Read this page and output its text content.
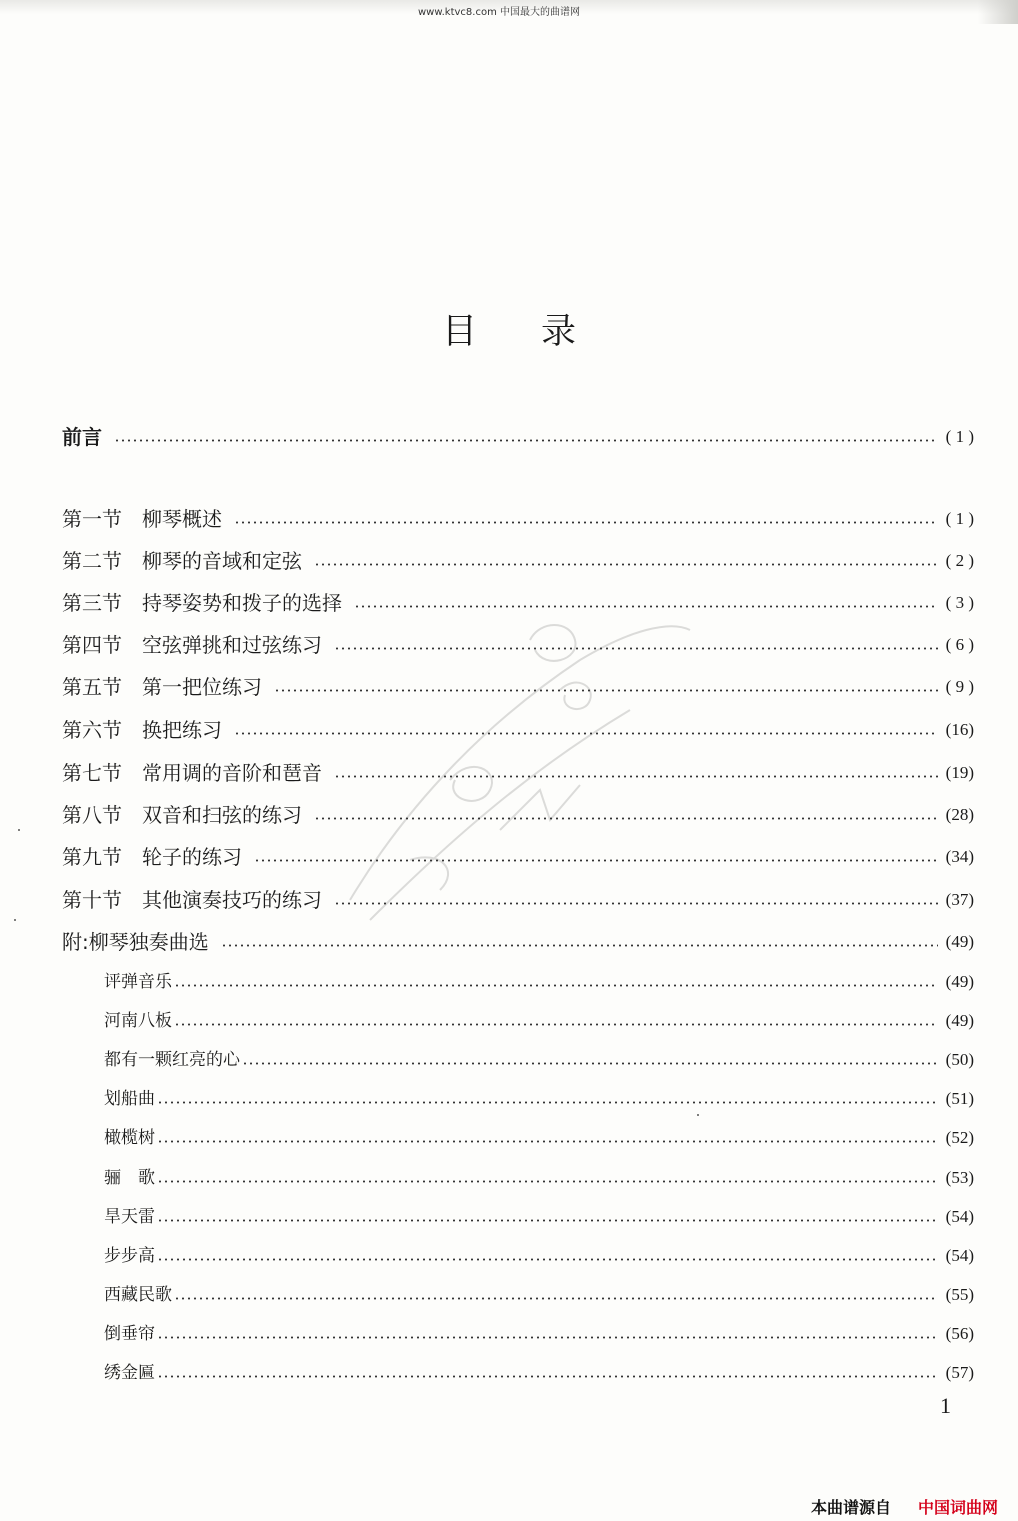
www.ktvc8.com 中国最大的曲谱网
目录
前言	( 1 )
第一节　柳琴概述	( 1 )
第二节　柳琴的音域和定弦	( 2 )
第三节　持琴姿势和拨子的选择	( 3 )
第四节　空弦弹挑和过弦练习	( 6 )
第五节　第一把位练习	( 9 )
第六节　换把练习	(16)
第七节　常用调的音阶和琶音	(19)
第八节　双音和扫弦的练习	(28)
第九节　轮子的练习	(34)
第十节　其他演奏技巧的练习	(37)
附:柳琴独奏曲选	(49)
评弹音乐	(49)
河南八板	(49)
都有一颗红亮的心	(50)
划船曲	(51)
橄榄树	(52)
骊　歌	(53)
旱天雷	(54)
步步高	(54)
西藏民歌	(55)
倒垂帘	(56)
绣金匾	(57)
1
本曲谱源自 中国词曲网
